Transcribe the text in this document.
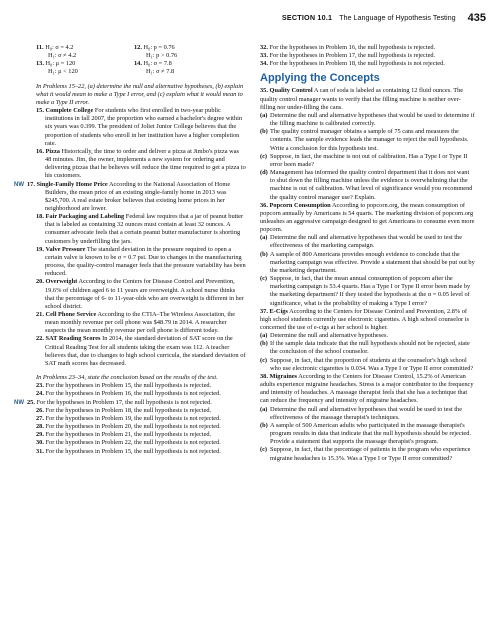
SECTION 10.1 The Language of Hypothesis Testing 435
11. H₀: σ = 4.2
H₁: σ ≠ 4.2
12. H₀: p = 0.76
H₁: p > 0.76
13. H₀: μ = 120
H₁: μ < 120
14. H₀: σ = 7.8
H₁: σ ≠ 7.8

In Problems 15–22, (a) determine the null and alternative hypotheses, (b) explain what it would mean to make a Type I error, and (c) explain what it would mean to make a Type II error.

15. Complete College For students who first enrolled in two-year public institutions in fall 2007, the proportion who earned a bachelor's degree within six years was 0.399. The president of Joliet Junior College believes that the proportion of students who enroll in her institution have a higher completion rate.

16. Pizza Historically, the time to order and deliver a pizza at Jimbo's pizza was 48 minutes. Jim, the owner, implements a new system for ordering and delivering pizzas that he believes will reduce the time required to get a pizza to his customers.

NW 17. Single-Family Home Price According to the National Association of Home Builders, the mean price of an existing single-family home in 2013 was $245,700. A real estate broker believes that existing home prices in her neighborhood are lower.

18. Fair Packaging and Labeling Federal law requires that a jar of peanut butter that is labeled as containing 32 ounces must contain at least 32 ounces. A consumer advocate feels that a certain peanut butter manufacturer is shorting customers by underfilling the jars.

19. Valve Pressure The standard deviation in the pressure required to open a certain valve is known to be σ = 0.7 psi. Due to changes in the manufacturing process, the quality-control manager feels that the pressure variability has been reduced.

20. Overweight According to the Centers for Disease Control and Prevention, 19.6% of children aged 6 to 11 years are overweight. A school nurse thinks that the percentage of 6- to 11-year-olds who are overweight is different in her school district.

21. Cell Phone Service According to the CTIA–The Wireless Association, the mean monthly revenue per cell phone was $48.79 in 2014. A researcher suspects the mean monthly revenue per cell phone is different today.

22. SAT Reading Scores In 2014, the standard deviation of SAT score on the Critical Reading Test for all students taking the exam was 112. A teacher believes that, due to changes to high school curricula, the standard deviation of SAT math scores has decreased.

In Problems 23–34, state the conclusion based on the results of the test.

23. For the hypotheses in Problem 15, the null hypothesis is rejected.

24. For the hypotheses in Problem 16, the null hypothesis is not rejected.

NW 25. For the hypotheses in Problem 17, the null hypothesis is not rejected.

26. For the hypotheses in Problem 18, the null hypothesis is rejected.

27. For the hypotheses in Problem 19, the null hypothesis is not rejected.

28. For the hypotheses in Problem 20, the null hypothesis is not rejected.

29. For the hypotheses in Problem 21, the null hypothesis is rejected.

30. For the hypotheses in Problem 22, the null hypothesis is not rejected.

31. For the hypotheses in Problem 15, the null hypothesis is not rejected.

32. For the hypotheses in Problem 16, the null hypothesis is rejected.

33. For the hypotheses in Problem 17, the null hypothesis is rejected.

34. For the hypotheses in Problem 18, the null hypothesis is not rejected.

Applying the Concepts

35. Quality Control A can of soda is labeled as containing 12 fluid ounces. The quality control manager wants to verify that the filling machine is neither over-filling nor under-filling the cans.

(a) Determine the null and alternative hypotheses that would be used to determine if the filling machine is calibrated correctly.
(b) The quality control manager obtains a sample of 75 cans and measures the contents. The sample evidence leads the manager to reject the null hypothesis. Write a conclusion for this hypothesis test.
(c) Suppose, in fact, the machine is not out of calibration. Has a Type I or Type II error been made?
(d) Management has informed the quality control department that it does not want to shut down the filling machine unless the evidence is overwhelming that the machine is out of calibration. What level of significance would you recommend the quality control manager use? Explain.

36. Popcorn Consumption According to popcorn.org, the mean consumption of popcorn annually by Americans is 54 quarts. The marketing division of popcorn.org unleashes an aggressive campaign designed to get Americans to consume even more popcorn.

(a) Determine the null and alternative hypotheses that would be used to test the effectiveness of the marketing campaign.
(b) A sample of 800 Americans provides enough evidence to conclude that the marketing campaign was effective. Provide a statement that should be put out by the marketing department.
(c) Suppose, in fact, that the mean annual consumption of popcorn after the marketing campaign is 53.4 quarts. Has a Type I or Type II error been made by the marketing department? If they tested the hypothesis at the α = 0.05 level of significance, what is the probability of making a Type I error?

37. E-Cigs According to the Centers for Disease Control and Prevention, 2.8% of high school students currently use electronic cigarettes. A high school counselor is concerned the use of e-cigs at her school is higher.

(a) Determine the null and alternative hypotheses.
(b) If the sample data indicate that the null hypothesis should not be rejected, state the conclusion of the school counselor.
(c) Suppose, in fact, that the proportion of students at the counselor's high school who use electronic cigarettes is 0.034. Was a Type I or Type II error committed?

38. Migraines According to the Centers for Disease Control, 15.2% of American adults experience migraine headaches. Stress is a major contributor to the frequency and intensity of headaches. A massage therapist feels that she has a technique that can reduce the frequency and intensity of migraine headaches.

(a) Determine the null and alternative hypotheses that would be used to test the effectiveness of the massage therapist's techniques.
(b) A sample of 500 American adults who participated in the massage therapist's program results in data that indicate that the null hypothesis should be rejected. Provide a statement that supports the massage therapist's program.
(c) Suppose, in fact, that the percentage of patients in the program who experience migraine headaches is 15.3%. Was a Type I or Type II error committed?
